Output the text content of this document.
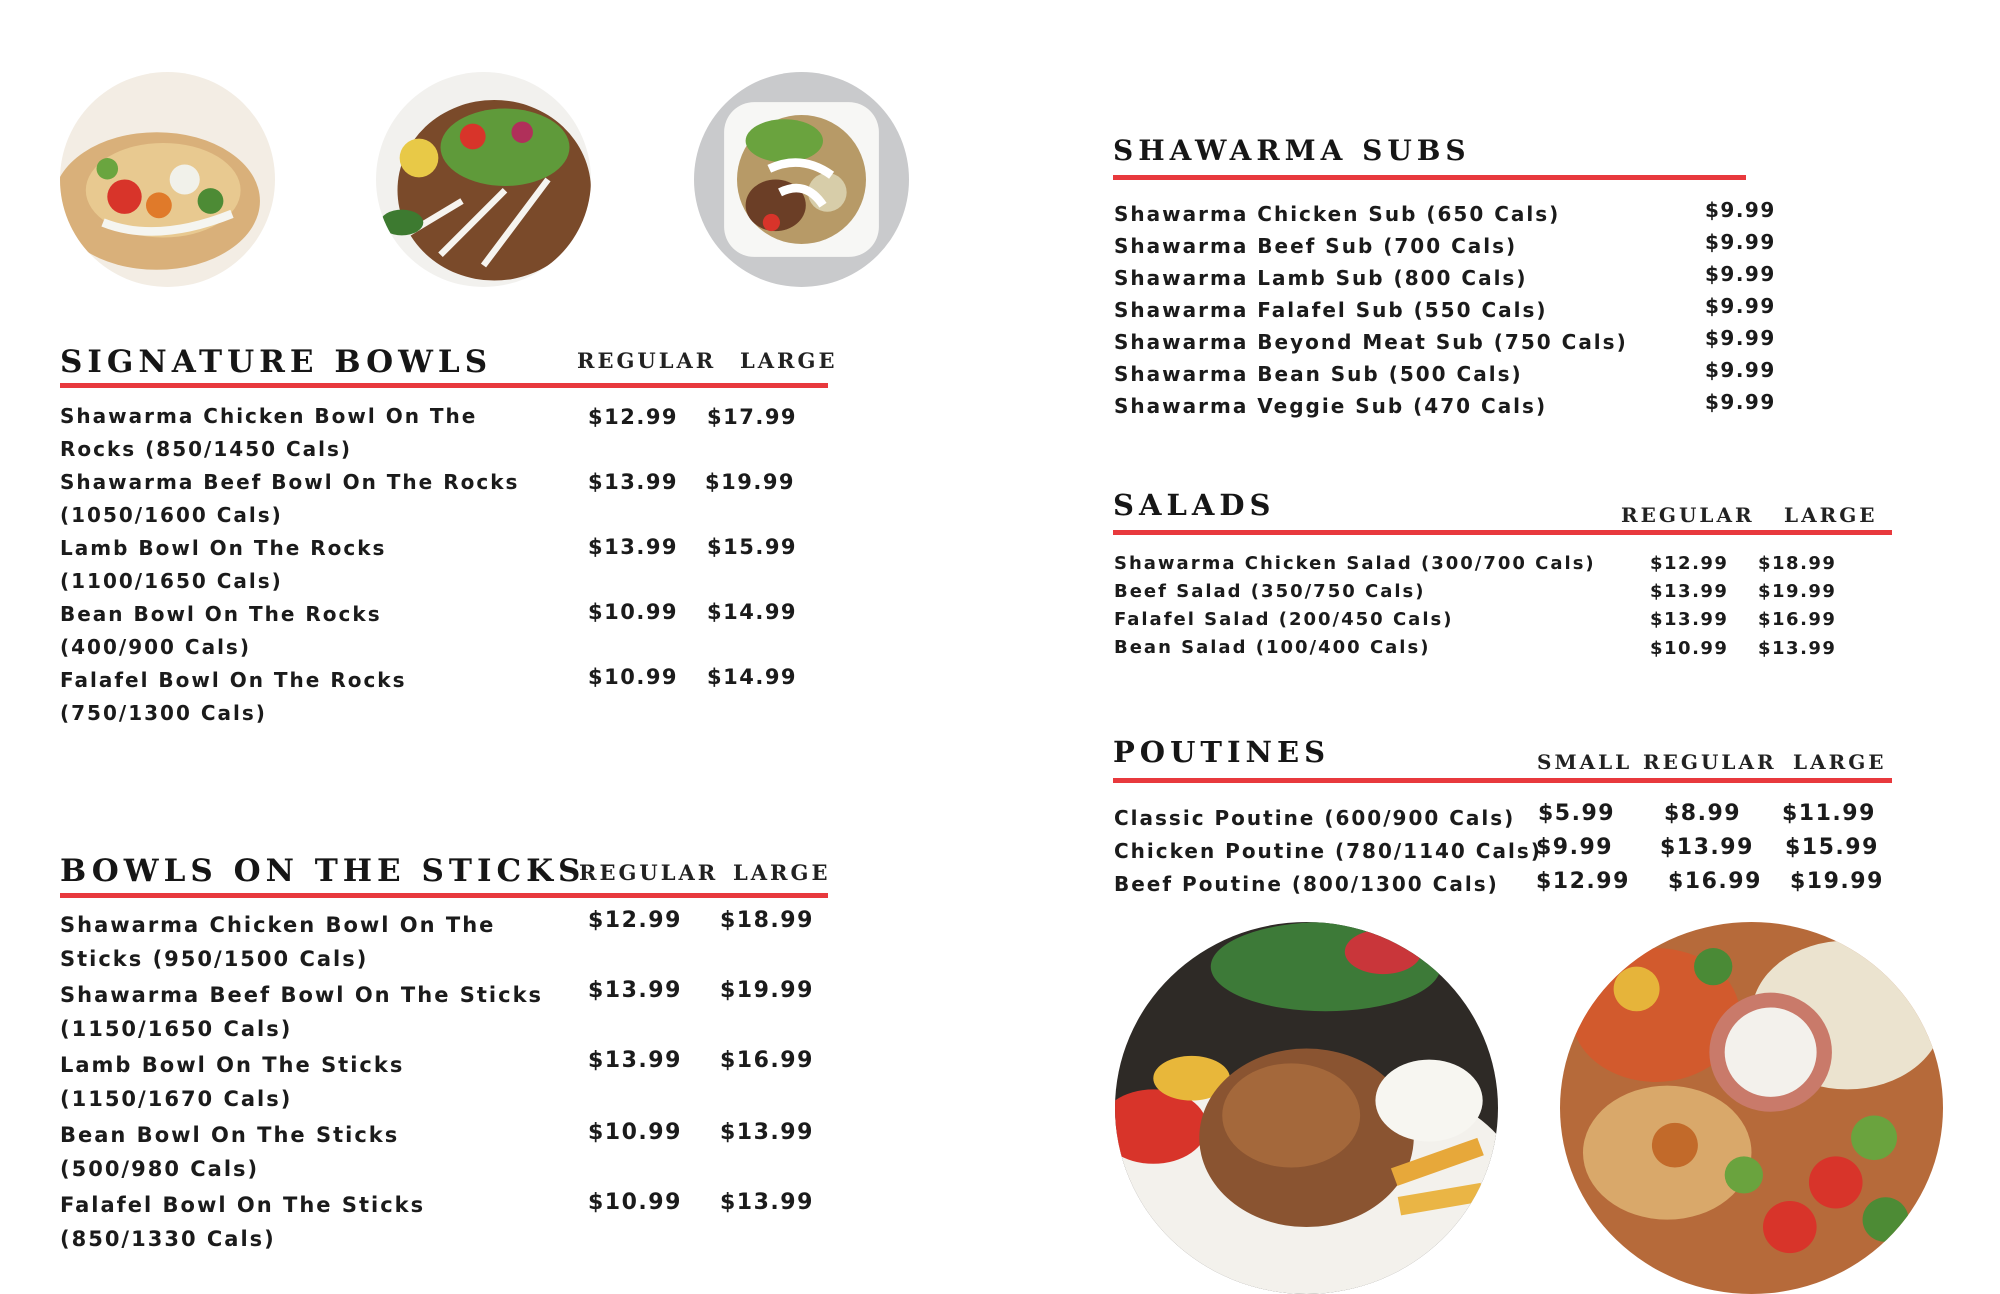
SIGNATURE BOWLS	REGULAR LARGE
Shawarma Chicken Bowl On The
Rocks (850/1450 Cals)
$12.99 $17.99
Shawarma Beef Bowl On The Rocks
(1050/1600 Cals)
$13.99 $19.99
Lamb Bowl On The Rocks
(1100/1650 Cals)
$13.99 $15.99
Bean Bowl On The Rocks
(400/900 Cals)
$10.99 $14.99
Falafel Bowl On The Rocks
(750/1300 Cals)
$10.99 $14.99
BOWLS ON THE STICKS
REGULAR LARGE
Shawarma Chicken Bowl On The
Sticks (950/1500 Cals)
$12.99 $18.99
Shawarma Beef Bowl On The Sticks
(1150/1650 Cals)
$13.99 $19.99
Lamb Bowl On The Sticks
(1150/1670 Cals)
$13.99 $16.99
Bean Bowl On The Sticks
(500/980 Cals)
$10.99 $13.99
Falafel Bowl On The Sticks
(850/1330 Cals)
$10.99 $13.99
SHAWARMA SUBS
Shawarma Chicken Sub (650 Cals)	$9.99
Shawarma Beef Sub (700 Cals)	$9.99
Shawarma Lamb Sub (800 Cals)	$9.99
Shawarma Falafel Sub (550 Cals)	$9.99
Shawarma Beyond Meat Sub (750 Cals)	$9.99
Shawarma Bean Sub (500 Cals)	$9.99
Shawarma Veggie Sub (470 Cals)	$9.99
SALADS	REGULAR LARGE
Shawarma Chicken Salad (300/700 Cals)	$12.99 $18.99
Beef Salad (350/750 Cals)	$13.99 $19.99
Falafel Salad (200/450 Cals)	$13.99 $16.99
Bean Salad (100/400 Cals)	$10.99 $13.99
POUTINES	SMALL REGULAR LARGE
Classic Poutine (600/900 Cals) $5.99 $8.99 $11.99
Chicken Poutine (780/1140 Cals)
$9.99 $13.99 $15.99
Beef Poutine (800/1300 Cals) $12.99 $16.99 $19.99
